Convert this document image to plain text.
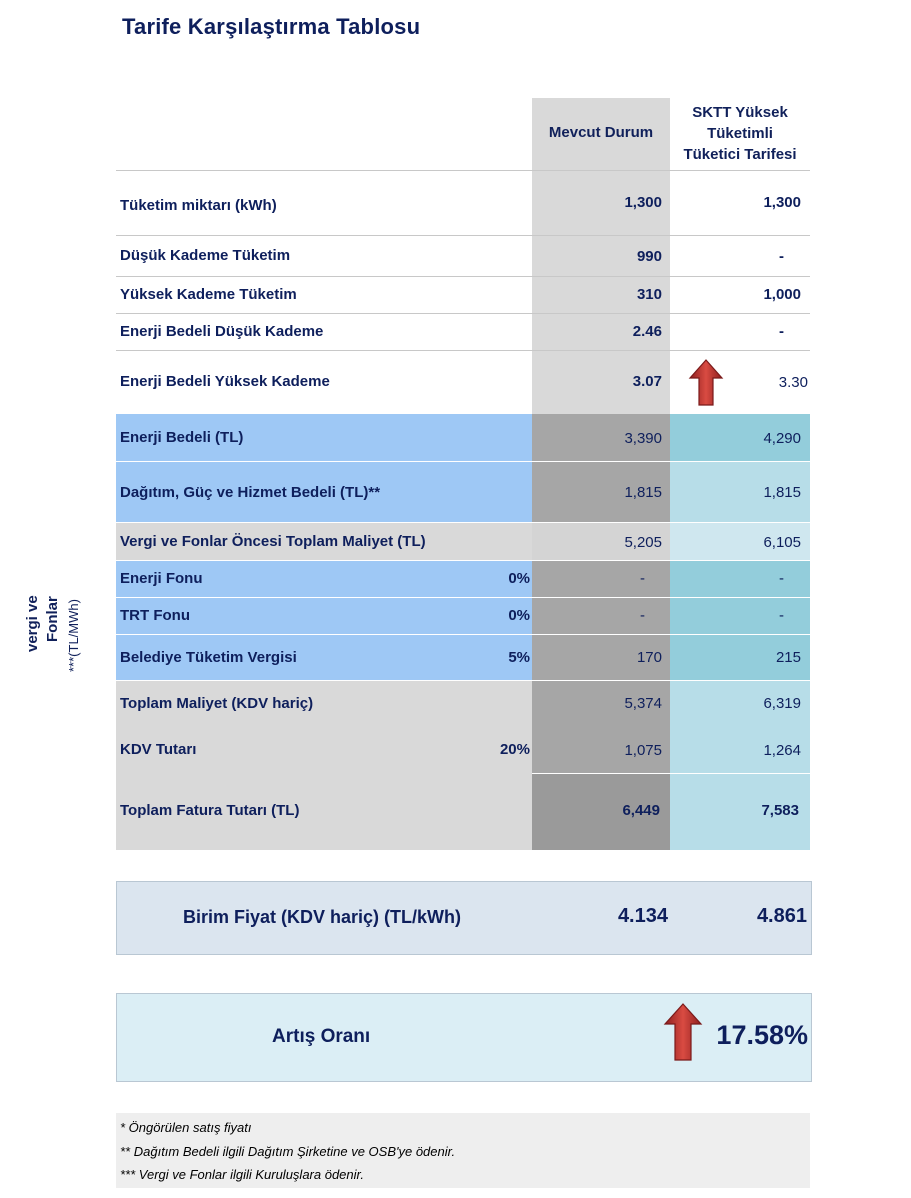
Tarife Karşılaştırma Tablosu
Mevcut Durum
SKTT Yüksek
Tüketimli
Tüketici Tarifesi
vergi ve Fonlar ***(TL/MWh)
Tüketim miktarı (kWh)	1,300	1,300
Düşük Kademe Tüketim	990	-
Yüksek Kademe Tüketim	310	1,000
Enerji Bedeli Düşük Kademe	2.46	-
Enerji Bedeli Yüksek Kademe	3.07	3.30
Enerji Bedeli (TL)	3,390	4,290
Dağıtım, Güç ve Hizmet Bedeli (TL)**	1,815	1,815
Vergi ve Fonlar Öncesi Toplam Maliyet (TL)	5,205	6,105
Enerji Fonu	0%	-	-
TRT Fonu	0%	-	-
Belediye Tüketim Vergisi	5%	170	215
Toplam Maliyet (KDV hariç)	5,374	6,319
KDV Tutarı	20%	1,075	1,264
Toplam Fatura Tutarı (TL)	6,449	7,583
Birim Fiyat (KDV hariç) (TL/kWh)	4.134	4.861
Artış Oranı	17.58%
* Öngörülen satış fiyatı
** Dağıtım Bedeli ilgili Dağıtım Şirketine ve OSB'ye ödenir.
*** Vergi ve Fonlar ilgili Kuruluşlara ödenir.
